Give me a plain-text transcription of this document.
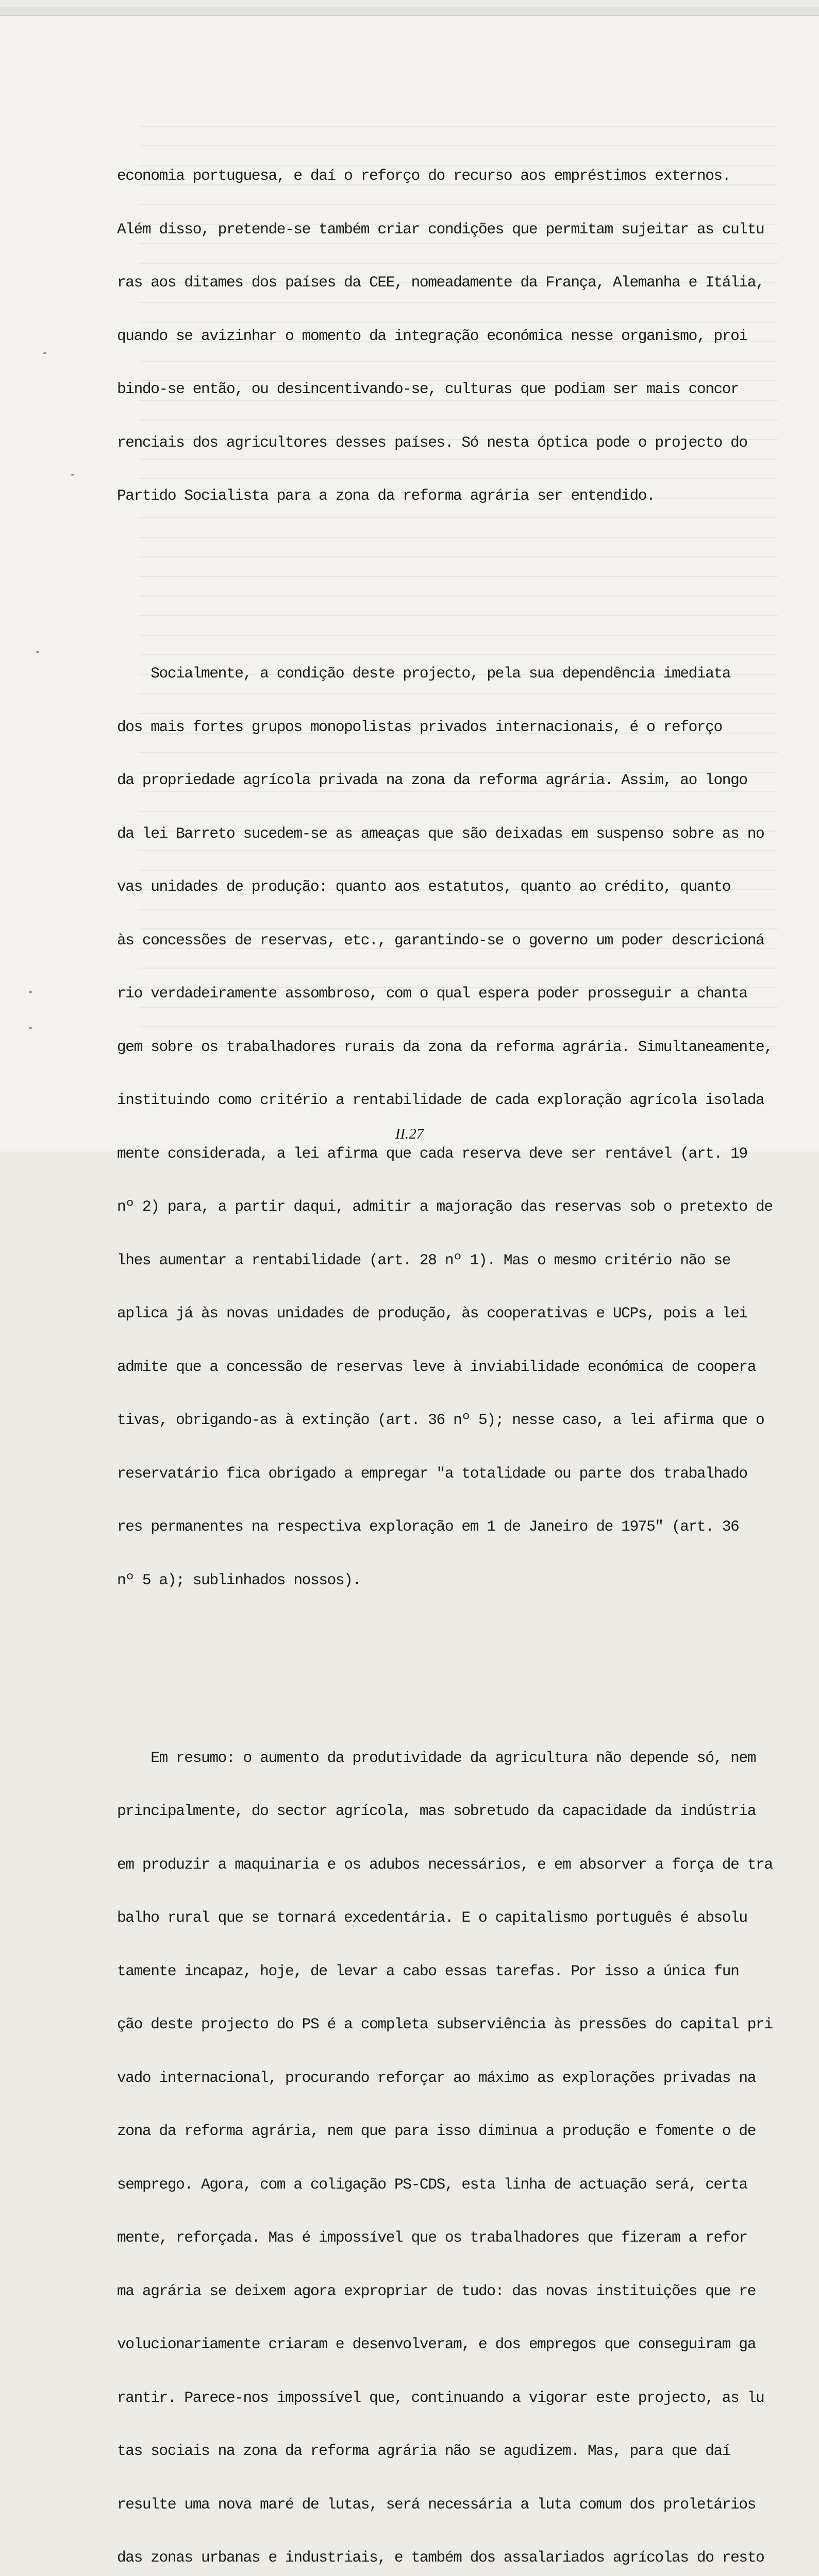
economia portuguesa, e daí o reforço do recurso aos empréstimos externos.

Além disso, pretende-se também criar condições que permitam sujeitar as cultu

ras aos ditames dos países da CEE, nomeadamente da França, Alemanha e Itália,

quando se avizinhar o momento da integração económica nesse organismo, proi

bindo-se então, ou desincentivando-se, culturas que podiam ser mais concor

renciais dos agricultores desses países. Só nesta óptica pode o projecto do

Partido Socialista para a zona da reforma agrária ser entendido.

Socialmente, a condição deste projecto, pela sua dependência imediata

dos mais fortes grupos monopolistas privados internacionais, é o reforço

da propriedade agrícola privada na zona da reforma agrária. Assim, ao longo

da lei Barreto sucedem-se as ameaças que são deixadas em suspenso sobre as no

vas unidades de produção: quanto aos estatutos, quanto ao crédito, quanto

às concessões de reservas, etc., garantindo-se o governo um poder descricioná

rio verdadeiramente assombroso, com o qual espera poder prosseguir a chanta

gem sobre os trabalhadores rurais da zona da reforma agrária. Simultaneamente,

instituindo como critério a rentabilidade de cada exploração agrícola isolada

mente considerada, a lei afirma que cada reserva deve ser rentável (art. 19

nº 2) para, a partir daqui, admitir a majoração das reservas sob o pretexto de

lhes aumentar a rentabilidade (art. 28 nº 1). Mas o mesmo critério não se

aplica já às novas unidades de produção, às cooperativas e UCPs, pois a lei

admite que a concessão de reservas leve à inviabilidade económica de coopera

tivas, obrigando-as à extinção (art. 36 nº 5); nesse caso, a lei afirma que o

reservatário fica obrigado a empregar "a totalidade ou parte dos trabalhado

res permanentes na respectiva exploração em 1 de Janeiro de 1975" (art. 36

nº 5 a); sublinhados nossos).

Em resumo: o aumento da produtividade da agricultura não depende só, nem

principalmente, do sector agrícola, mas sobretudo da capacidade da indústria

em produzir a maquinaria e os adubos necessários, e em absorver a força de tra

balho rural que se tornará excedentária. E o capitalismo português é absolu

tamente incapaz, hoje, de levar a cabo essas tarefas. Por isso a única fun

ção deste projecto do PS é a completa subserviência às pressões do capital pri

vado internacional, procurando reforçar ao máximo as explorações privadas na

zona da reforma agrária, nem que para isso diminua a produção e fomente o de

semprego. Agora, com a coligação PS-CDS, esta linha de actuação será, certa

mente, reforçada. Mas é impossível que os trabalhadores que fizeram a refor

ma agrária se deixem agora expropriar de tudo: das novas instituições que re

volucionariamente criaram e desenvolveram, e dos empregos que conseguiram ga

rantir. Parece-nos impossível que, continuando a vigorar este projecto, as lu

tas sociais na zona da reforma agrária não se agudizem. Mas, para que daí

resulte uma nova maré de lutas, será necessária a luta comum dos proletários

das zonas urbanas e industriais, e também dos assalariados agrícolas do resto

II.27
